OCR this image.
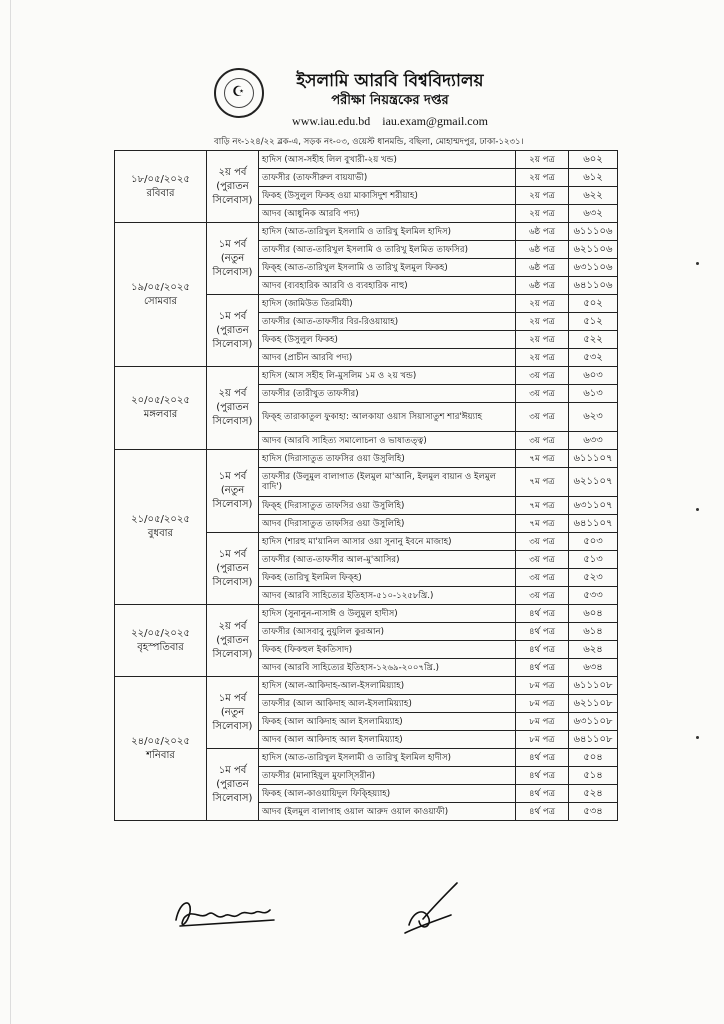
☪
ইসলামি আরবি বিশ্ববিদ্যালয়
পরীক্ষা নিয়ন্ত্রকের দপ্তর
www.iau.edu.bd iau.exam@gmail.com
বাড়ি নং-১২৪/২২ ব্লক-এ, সড়ক নং-০৩, ওয়েস্ট ধানমন্ডি, বছিলা, মোহাম্মদপুর, ঢাকা-১২৩১।
১৮/০৫/২০২৫
রবিবার	২য় পর্ব (পুরাতন সিলেবাস)	হাদিস (আস-সহীহ লিল বুখারী-২য় খন্ড)	২য় পত্র	৬০২
		তাফসীর (তাফসীরুল বায়যাভী)	২য় পত্র	৬১২
		ফিকহ (উসুলুল ফিকহ ওয়া মাকাসিদুশ শরীয়াহ)	২য় পত্র	৬২২
		আদব (আধুনিক আরবি পদ্য)	২য় পত্র	৬৩২

১৯/০৫/২০২৫
সোমবার	১ম পর্ব (নতুন সিলেবাস)	হাদিস (আত-তারিখুল ইসলামি ও তারিখু ইলমিল হাদিস)	৬ষ্ঠ পত্র	৬১১১০৬
		তাফসীর (আত-তারিখুল ইসলামি ও তারিখু ইলমিত তাফসির)	৬ষ্ঠ পত্র	৬২১১০৬
		ফিক্হ (আত-তারিখুল ইসলামি ও তারিখু ইলমুল ফিকহ)	৬ষ্ঠ পত্র	৬৩১১০৬
		আদব (ব্যবহারিক আরবি ও ব্যবহারিক নাহু)	৬ষ্ঠ পত্র	৬৪১১০৬
	১ম পর্ব (পুরাতন সিলেবাস)	হাদিস (জামিউত তিরমিযী)	২য় পত্র	৫০২
		তাফসীর (আত-তাফসীর বির-রিওয়ায়াহ)	২য় পত্র	৫১২
		ফিকহ (উসুলুল ফিকহ)	২য় পত্র	৫২২
		আদব (প্রাচীন আরবি পদ্য)	২য় পত্র	৫৩২

২০/০৫/২০২৫
মঙ্গলবার	২য় পর্ব (পুরাতন সিলেবাস)	হাদিস (আস সহীহ লি-মুসলিম ১ম ও ২য় খন্ড)	৩য় পত্র	৬০৩
		তাফসীর (তারীখুত তাফসীর)	৩য় পত্র	৬১৩
		ফিক্হ তারাকাতুল ফুকাহা: আলকাযা ওয়াস সিয়াসাতুশ শার'ঈয়্যাহ	৩য় পত্র	৬২৩
		আদব (আরবি সাহিত্য সমালোচনা ও ভাষাতত্ত্ব)	৩য় পত্র	৬৩৩

২১/০৫/২০২৫
বুধবার	১ম পর্ব (নতুন সিলেবাস)	হাদিস (দিরাসাতুত তাফসির ওয়া উসুলিহি)	৭ম পত্র	৬১১১০৭
		তাফসীর (উলুমুল বালাগাত (ইলমুল মা'আনি, ইলমুল বায়ান ও ইলমুল বাদি')	৭ম পত্র	৬২১১০৭
		ফিক্হ (দিরাসাতুত তাফসির ওয়া উসুলিহি)	৭ম পত্র	৬৩১১০৭
		আদব (দিরাসাতুত তাফসির ওয়া উসুলিহি)	৭ম পত্র	৬৪১১০৭
	১ম পর্ব (পুরাতন সিলেবাস)	হাদিস (শারহু মা'য়ানিল আসার ওয়া সুনানু ইবনে মাজাহ)	৩য় পত্র	৫০৩
		তাফসীর (আত-তাফসীর আল-মু'আসির)	৩য় পত্র	৫১৩
		ফিকহ (তারিখু ইলমিল ফিক্হ)	৩য় পত্র	৫২৩
		আদব (আরবি সাহিত্যের ইতিহাস-৫১০-১২৫৮খ্রি.)	৩য় পত্র	৫৩৩

২২/০৫/২০২৫
বৃহস্পতিবার	২য় পর্ব (পুরাতন সিলেবাস)	হাদিস (সুনানুন-নাসাঈ ও উলুমুল হাদীস)	৪র্থ পত্র	৬০৪
		তাফসীর (আসবাবু নুযুলিল কুরআন)	৪র্থ পত্র	৬১৪
		ফিকহ (ফিকহুল ইকতিসাদ)	৪র্থ পত্র	৬২৪
		আদব (আরবি সাহিত্যের ইতিহাস-১২৬৯-২০০৭খ্রি.)	৪র্থ পত্র	৬৩৪

২৪/০৫/২০২৫
শনিবার	১ম পর্ব (নতুন সিলেবাস)	হাদিস (আল-আকিদাহ-আল-ইসলামিয়্যাহ)	৮ম পত্র	৬১১১০৮
		তাফসীর (আল আকিদাহ আল-ইসলামিয়্যাহ)	৮ম পত্র	৬২১১০৮
		ফিকহ (আল আকিদাহ আল ইসলামিয়্যাহ)	৮ম পত্র	৬৩১১০৮
		আদব (আল আকিদাহ আল ইসলামিয়্যাহ)	৮ম পত্র	৬৪১১০৮
	১ম পর্ব (পুরাতন সিলেবাস)	হাদিস (আত-তারিখুল ইসলামী ও তারিখু ইলমিল হাদীস)	৪র্থ পত্র	৫০৪
		তাফসীর (মানাহিযুল মুফাস্সিরীন)	৪র্থ পত্র	৫১৪
		ফিকহ (আল-কাওয়ায়িদুল ফিক্হিয়্যাহ)	৪র্থ পত্র	৫২৪
		আদব (ইলমুল বালাগাহ ওয়াল আরুদ ওয়াল কাওয়াফী)	৪র্থ পত্র	৫৩৪
